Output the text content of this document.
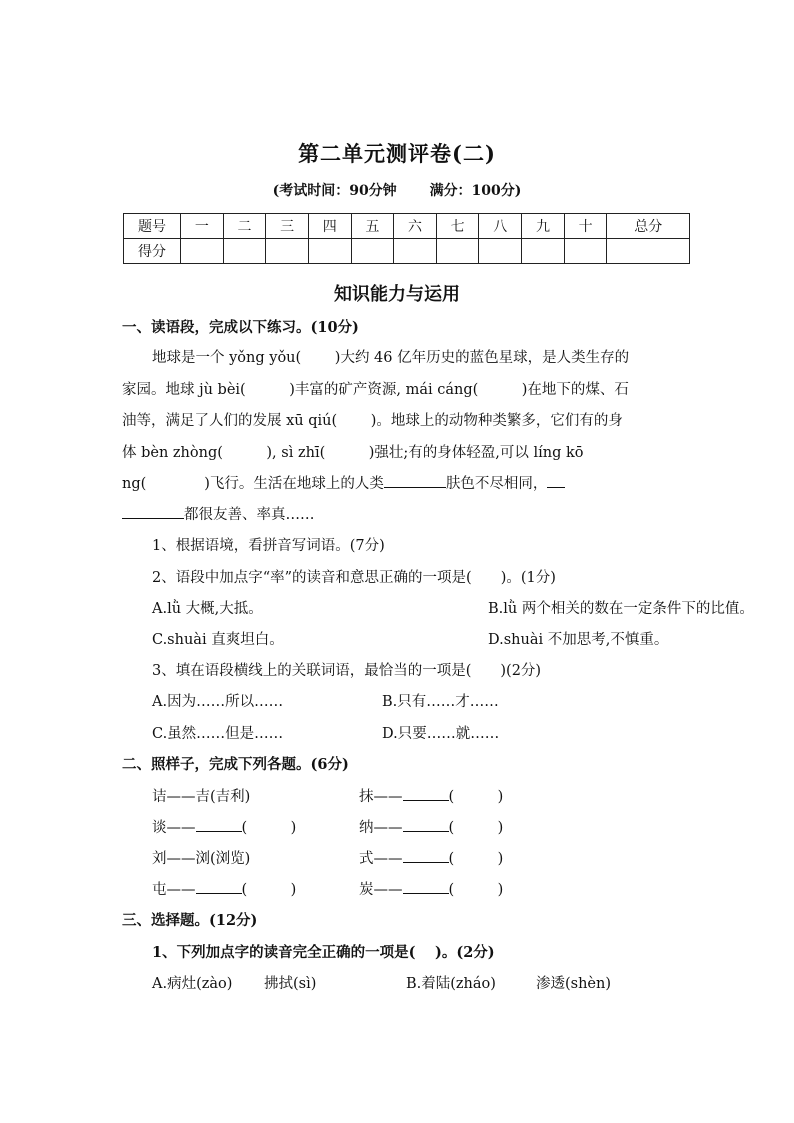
第二单元测评卷(二)
(考试时间：90分钟 满分：100分)
题号	一	二	三	四	五	六	七	八	九	十	总分
得分											
知识能力与运用
一、读语段，完成以下练习。(10分)
地球是一个 yǒng yǒu(　　 )大约 46 亿年历史的蓝色星球，是人类生存的
家园。地球 jù bèi(　　　)丰富的矿产资源, mái cáng(　　　)在地下的煤、石
油等，满足了人们的发展 xū qiú(　　 )。地球上的动物种类繁多，它们有的身
体 bèn zhòng(　　　), sì zhī(　　　)强壮;有的身体轻盈,可以 líng kō
ng(　　　　)飞行。生活在地球上的人类	肤色不尽相同，
都很友善、率真……
1、根据语境，看拼音写词语。(7分)
2、语段中加点字“率”的读音和意思正确的一项是(　　)。(1分)
A.lǜ 大概,大抵。	B.lǜ 两个相关的数在一定条件下的比值。
C.shuài 直爽坦白。	D.shuài 不加思考,不慎重。
3、填在语段横线上的关联词语，最恰当的一项是(　　)(2分)
A.因为……所以……	B.只有……才……
C.虽然……但是……	D.只要……就……
二、照样子，完成下列各题。(6分)
诘——吉(吉利)	抹——	(　　　)
谈——	(　　　)	纳——	(　　　)
刘——浏(浏览)	式——	(　　　)
屯——	(　　　)	炭——	(　　　)
三、选择题。(12分)
1、下列加点字的读音完全正确的一项是(　 )。(2分)
A.病灶(zào) 拂拭(sì)	B.着陆(zháo)	渗透(shèn)
